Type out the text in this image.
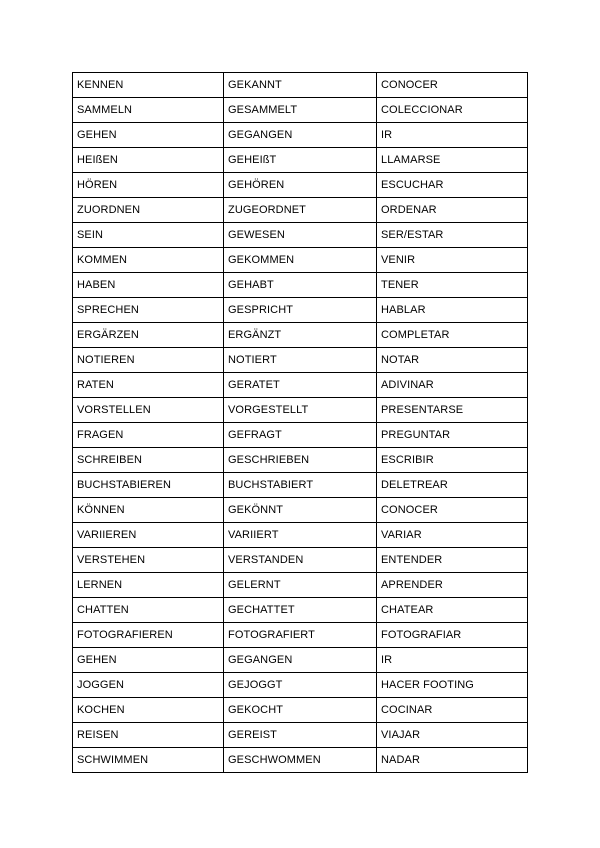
KENNEN	GEKANNT	CONOCER
SAMMELN	GESAMMELT	COLECCIONAR
GEHEN	GEGANGEN	IR
HEIßEN	GEHEIßT	LLAMARSE
HÖREN	GEHÖREN	ESCUCHAR
ZUORDNEN	ZUGEORDNET	ORDENAR
SEIN	GEWESEN	SER/ESTAR
KOMMEN	GEKOMMEN	VENIR
HABEN	GEHABT	TENER
SPRECHEN	GESPRICHT	HABLAR
ERGÄRZEN	ERGÄNZT	COMPLETAR
NOTIEREN	NOTIERT	NOTAR
RATEN	GERATET	ADIVINAR
VORSTELLEN	VORGESTELLT	PRESENTARSE
FRAGEN	GEFRAGT	PREGUNTAR
SCHREIBEN	GESCHRIEBEN	ESCRIBIR
BUCHSTABIEREN	BUCHSTABIERT	DELETREAR
KÖNNEN	GEKÖNNT	CONOCER
VARIIEREN	VARIIERT	VARIAR
VERSTEHEN	VERSTANDEN	ENTENDER
LERNEN	GELERNT	APRENDER
CHATTEN	GECHATTET	CHATEAR
FOTOGRAFIEREN	FOTOGRAFIERT	FOTOGRAFIAR
GEHEN	GEGANGEN	IR
JOGGEN	GEJOGGT	HACER FOOTING
KOCHEN	GEKOCHT	COCINAR
REISEN	GEREIST	VIAJAR
SCHWIMMEN	GESCHWOMMEN	NADAR
